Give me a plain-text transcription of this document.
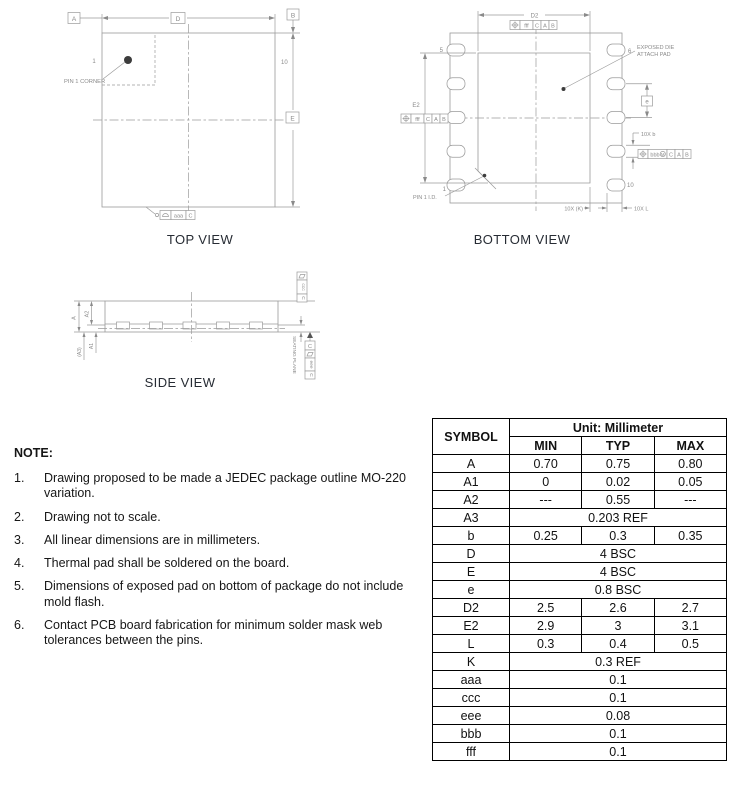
PIN 1 CORNER
D
A
E
B
1	10
aaa C
TOP VIEW
5	6
1
10
D2
fff C A B
E2
fff C A B
e
10X b
bbb M C A B
EXPOSED DIE
ATTACH PAD
PIN 1 I.D.
10X (K)	10X L
BOTTOM VIEW
A
A2
(A3)
A1
ccc
C
C
eee
C
SEATING PLANE
SIDE VIEW
NOTE:
1.	Drawing proposed to be made a JEDEC package outline MO-220 variation.
2.	Drawing not to scale.
3.	All linear dimensions are in millimeters.
4.	Thermal pad shall be soldered on the board.
5.	Dimensions of exposed pad on bottom of package do not include mold flash.
6.	Contact PCB board fabrication for minimum solder mask web tolerances between the pins.
SYMBOL	Unit: Millimeter		
	MIN	TYP	MAX
A	0.70	0.75	0.80
A1	0	0.02	0.05
A2	---	0.55	---
A3	0.203 REF		
b	0.25	0.3	0.35
D	4 BSC		
E	4 BSC		
e	0.8 BSC		
D2	2.5	2.6	2.7
E2	2.9	3	3.1
L	0.3	0.4	0.5
K	0.3 REF		
aaa	0.1		
ccc	0.1		
eee	0.08		
bbb	0.1		
fff	0.1		
